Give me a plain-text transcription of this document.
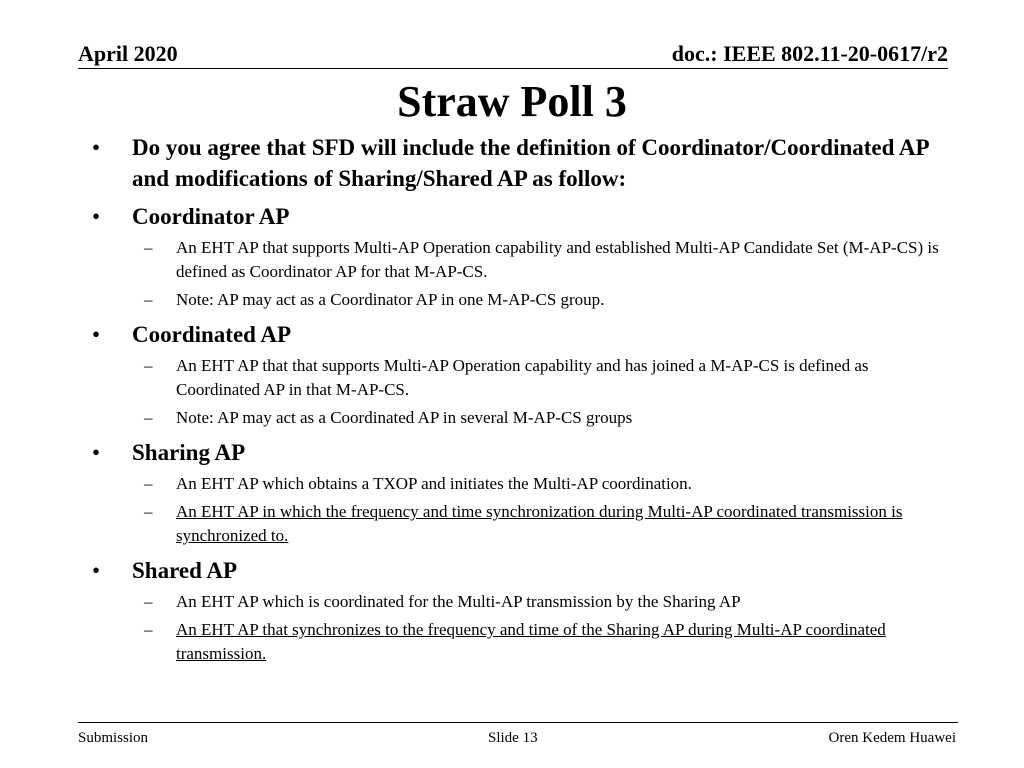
April 2020	doc.: IEEE 802.11-20-0617/r2
Straw Poll 3
• Do you agree that SFD will include the definition of Coordinator/Coordinated AP and modifications of Sharing/Shared AP as follow:
• Coordinator AP
– An EHT AP that supports Multi-AP Operation capability and established Multi-AP Candidate Set (M-AP-CS) is defined as Coordinator AP for that M-AP-CS.
– Note: AP may act as a Coordinator AP in one M-AP-CS group.
• Coordinated AP
– An EHT AP that that supports Multi-AP Operation capability and has joined a M-AP-CS is defined as Coordinated AP in that M-AP-CS.
– Note: AP may act as a Coordinated AP in several M-AP-CS groups
• Sharing AP
– An EHT AP which obtains a TXOP and initiates the Multi-AP coordination.
– An EHT AP in which the frequency and time synchronization during Multi-AP coordinated transmission is synchronized to.
• Shared AP
– An EHT AP which is coordinated for the Multi-AP transmission by the Sharing AP
– An EHT AP that synchronizes to the frequency and time of the Sharing AP during Multi-AP coordinated transmission.
Submission	Slide 13	Oren Kedem Huawei
